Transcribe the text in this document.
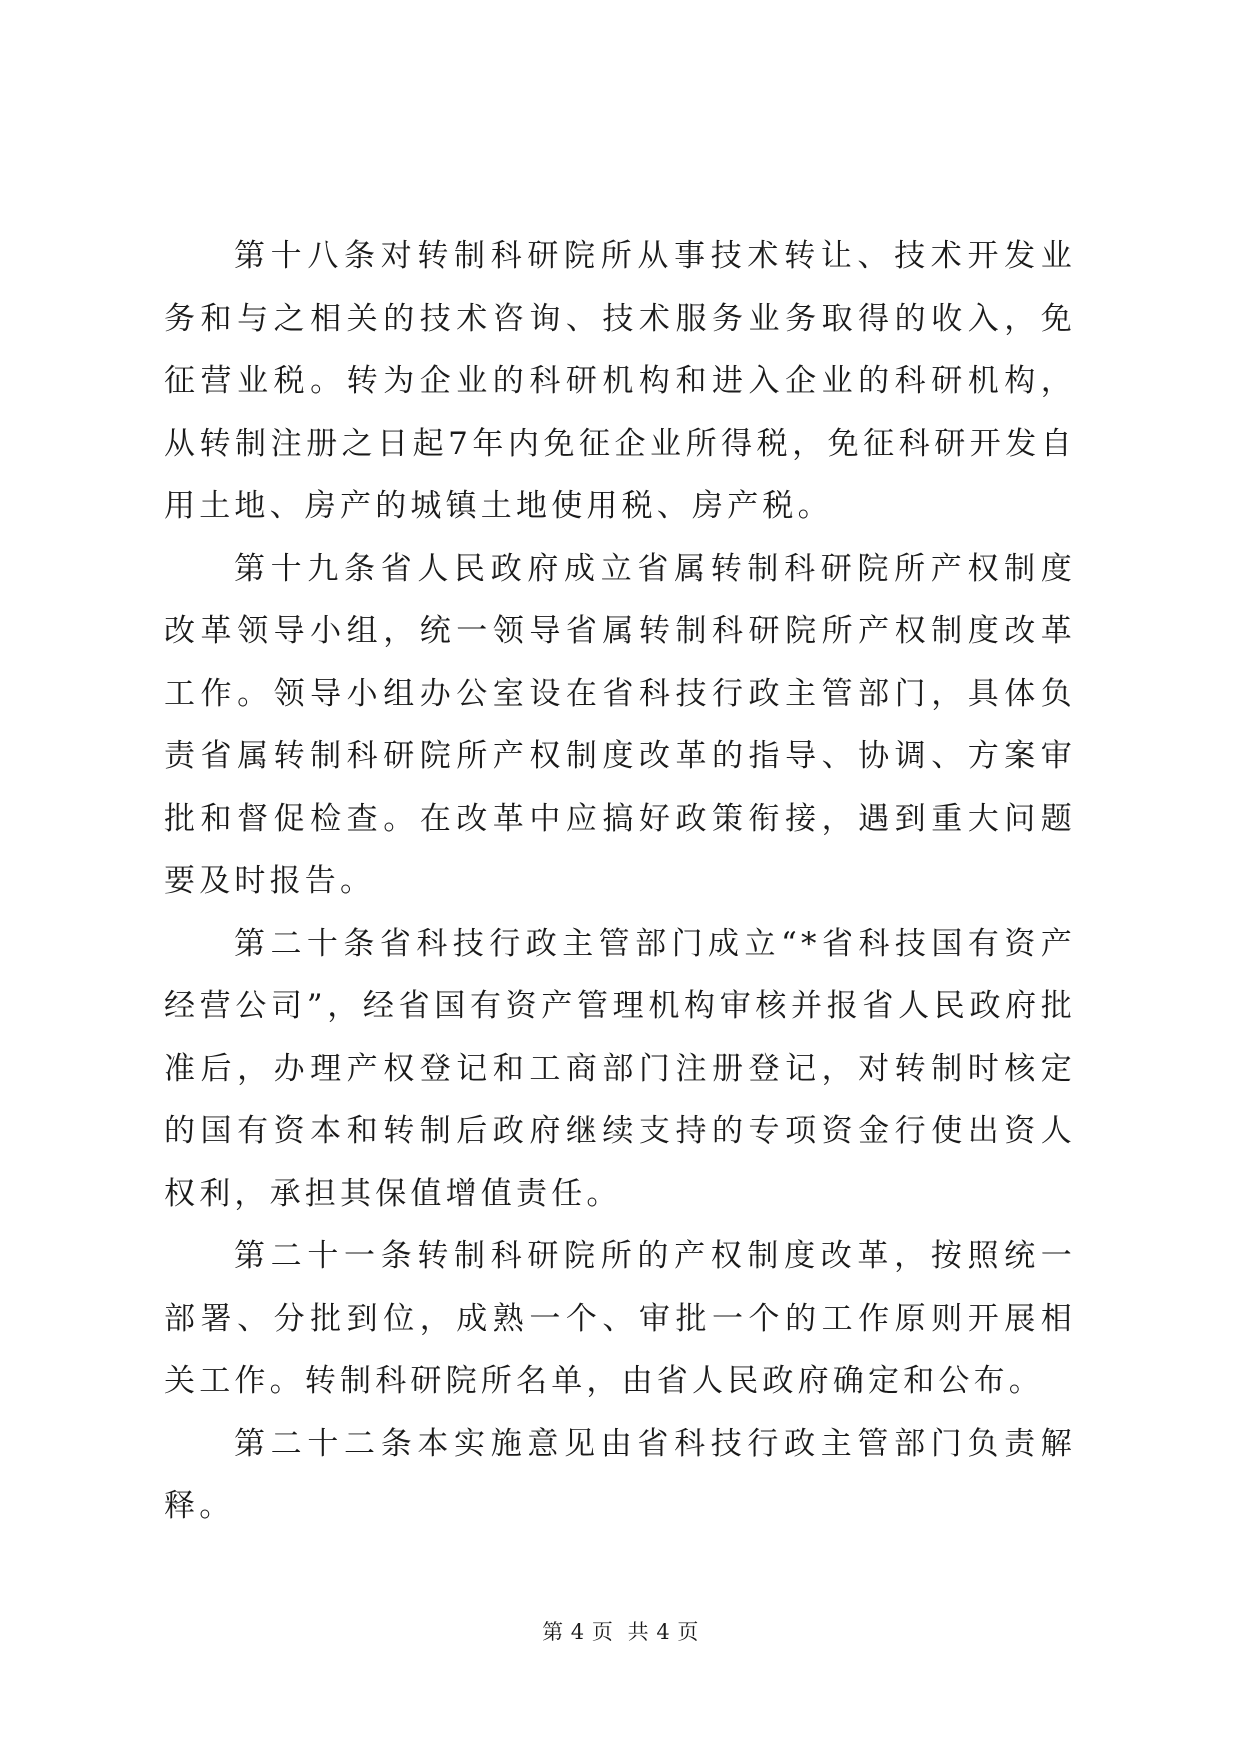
第十八条对转制科研院所从事技术转让、技术开发业务和与之相关的技术咨询、技术服务业务取得的收入，免征营业税。转为企业的科研机构和进入企业的科研机构，从转制注册之日起7年内免征企业所得税，免征科研开发自用土地、房产的城镇土地使用税、房产税。

第十九条省人民政府成立省属转制科研院所产权制度改革领导小组，统一领导省属转制科研院所产权制度改革工作。领导小组办公室设在省科技行政主管部门，具体负责省属转制科研院所产权制度改革的指导、协调、方案审批和督促检查。在改革中应搞好政策衔接，遇到重大问题要及时报告。

第二十条省科技行政主管部门成立“*省科技国有资产经营公司”，经省国有资产管理机构审核并报省人民政府批准后，办理产权登记和工商部门注册登记，对转制时核定的国有资本和转制后政府继续支持的专项资金行使出资人权利，承担其保值增值责任。

第二十一条转制科研院所的产权制度改革，按照统一部署、分批到位，成熟一个、审批一个的工作原则开展相关工作。转制科研院所名单，由省人民政府确定和公布。

第二十二条本实施意见由省科技行政主管部门负责解释。

第 4 页  共 4 页
